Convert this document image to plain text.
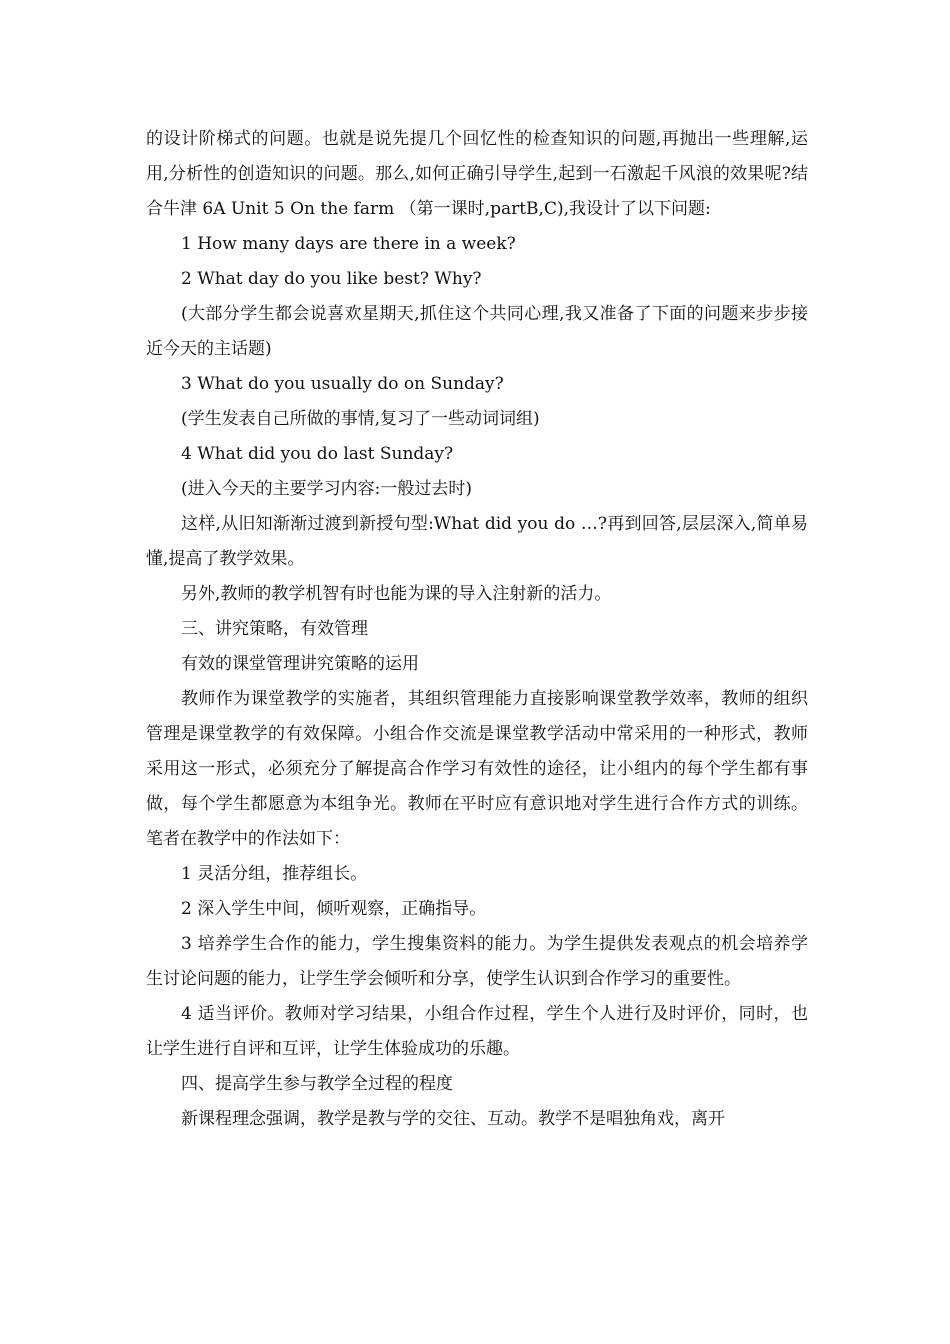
的设计阶梯式的问题。也就是说先提几个回忆性的检查知识的问题,再抛出一些理解,运用,分析性的创造知识的问题。那么,如何正确引导学生,起到一石激起千风浪的效果呢?结合牛津 6A Unit 5 On the farm （第一课时,partB,C),我设计了以下问题:

1 How many days are there in a week?

2 What day do you like best? Why?

(大部分学生都会说喜欢星期天,抓住这个共同心理,我又准备了下面的问题来步步接近今天的主话题)

3 What do you usually do on Sunday?

(学生发表自己所做的事情,复习了一些动词词组)

4 What did you do last Sunday?

(进入今天的主要学习内容:一般过去时)

这样,从旧知渐渐过渡到新授句型:What did you do …?再到回答,层层深入,简单易懂,提高了教学效果。

另外,教师的教学机智有时也能为课的导入注射新的活力。

三、讲究策略，有效管理

有效的课堂管理讲究策略的运用

教师作为课堂教学的实施者，其组织管理能力直接影响课堂教学效率，教师的组织管理是课堂教学的有效保障。小组合作交流是课堂教学活动中常采用的一种形式，教师采用这一形式，必须充分了解提高合作学习有效性的途径，让小组内的每个学生都有事做，每个学生都愿意为本组争光。教师在平时应有意识地对学生进行合作方式的训练。笔者在教学中的作法如下：

1 灵活分组，推荐组长。

2 深入学生中间，倾听观察，正确指导。

3 培养学生合作的能力，学生搜集资料的能力。为学生提供发表观点的机会培养学生讨论问题的能力，让学生学会倾听和分享，使学生认识到合作学习的重要性。

4 适当评价。教师对学习结果，小组合作过程，学生个人进行及时评价，同时，也让学生进行自评和互评，让学生体验成功的乐趣。

四、提高学生参与教学全过程的程度

新课程理念强调，教学是教与学的交往、互动。教学不是唱独角戏，离开
